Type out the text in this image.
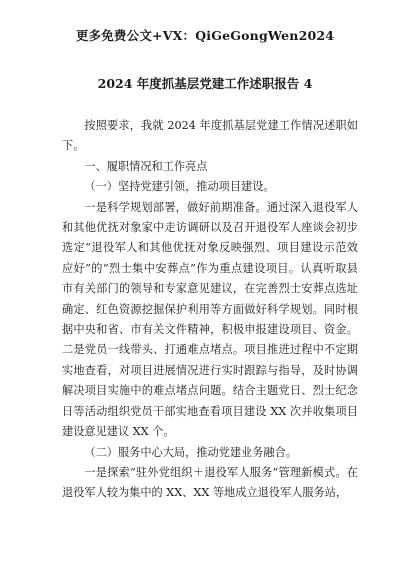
更多免费公文+VX：QiGeGongWen2024
2024 年度抓基层党建工作述职报告 4

按照要求，我就 2024 年度抓基层党建工作情况述职如下。

一、履职情况和工作亮点

（一）坚持党建引领，推动项目建设。

一是科学规划部署，做好前期准备。通过深入退役军人和其他优抚对象家中走访调研以及召开退役军人座谈会初步选定“退役军人和其他优抚对象反映强烈、项目建设示范效应好”的“烈士集中安葬点”作为重点建设项目。认真听取县市有关部门的领导和专家意见建议，在完善烈士安葬点选址确定、红色资源挖掘保护利用等方面做好科学规划。同时根据中央和省、市有关文件精神，积极申报建设项目、资金。二是党员一线带头、打通难点堵点。项目推进过程中不定期实地查看，对项目进展情况进行实时跟踪与指导，及时协调解决项目实施中的难点堵点问题。结合主题党日、烈士纪念日等活动组织党员干部实地查看项目建设 XX 次并收集项目建设意见建议 XX 个。

（二）服务中心大局，推动党建业务融合。

一是探索“驻外党组织＋退役军人服务”管理新模式。在退役军人较为集中的 XX、XX 等地成立退役军人服务站，
